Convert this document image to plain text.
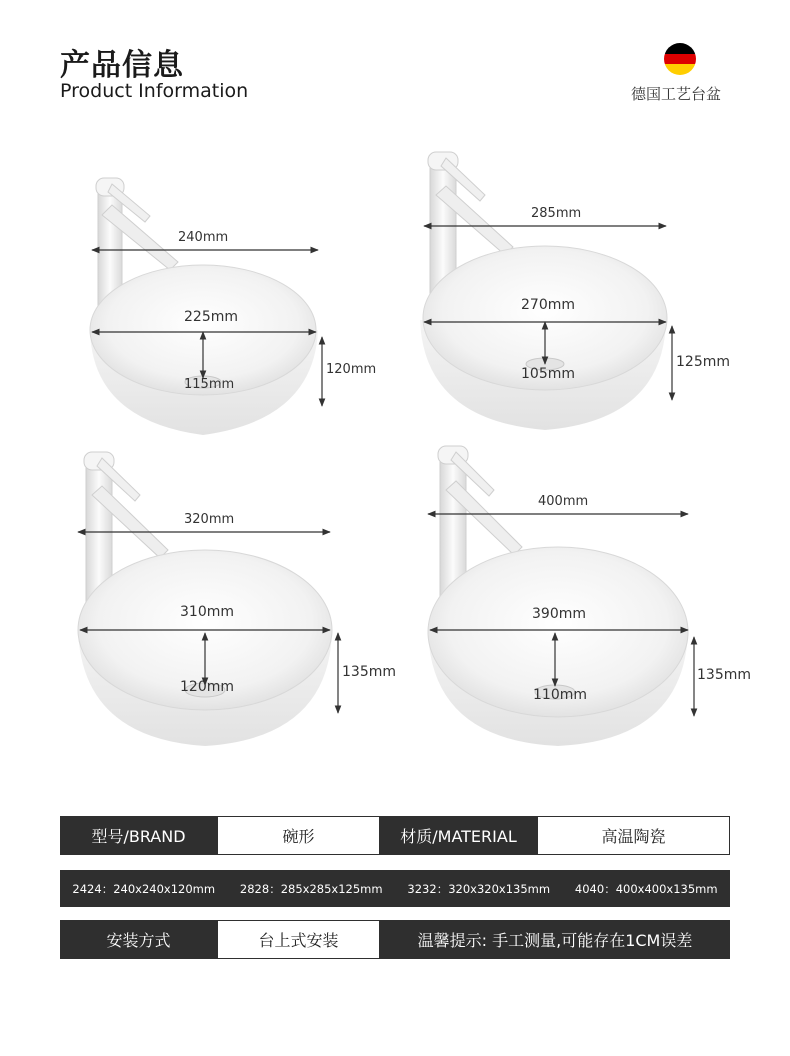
产品信息
Product Information	德国工艺台盆
240mm
225mm
115mm
120mm
285mm
270mm
105mm
125mm
320mm
310mm
120mm
135mm
400mm
390mm
110mm
135mm
型号/BRAND	碗形	材质/MATERIAL	高温陶瓷
2424：240x240x120mm 2828：285x285x125mm 3232：320x320x135mm 4040：400x400x135mm
安装方式	台上式安装	温馨提示: 手工测量,可能存在1CM误差
